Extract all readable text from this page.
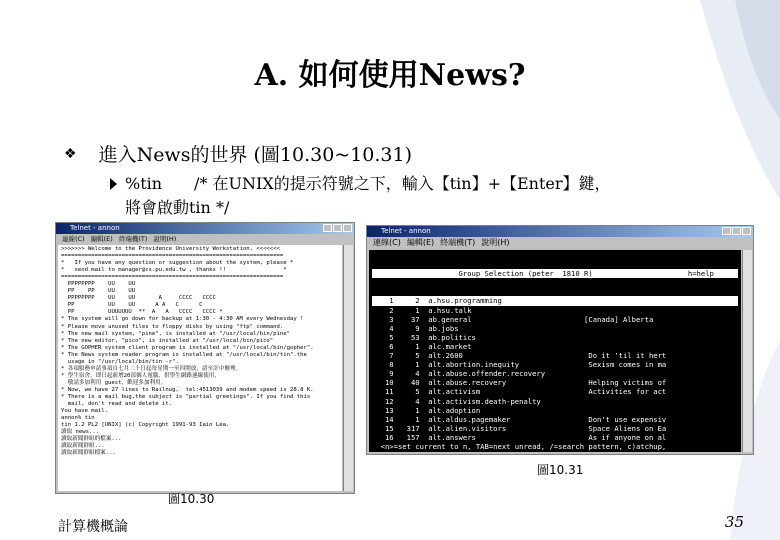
A. 如何使用News?
❖ 進入News的世界 (圖10.30~10.31)
%tin　　/* 在UNIX的提示符號之下，輸入【tin】+【Enter】鍵，
將會啟動tin */
Telnet - annon
連線(C) 編輯(E) 終端機(T) 說明(H)
>>>>>>> Welcome to the Providence University Workstation. <<<<<<<
==================================================================
*   If you have any question or suggestion about the system, please *
*   send mail to manager@cs.pu.edu.tw , thanks !!                 *
==================================================================
PPPPPPPP    UU    UU
PP    PP    UU    UU
PPPPPPPP    UU    UU       A     CCCC   CCCC
PP          UU    UU      A A   C      C
PP          UUUUUUU  **  A   A   CCCC   CCCC *
* The system will go down for backup at 1:30 - 4:30 AM every Wednesday !
* Please move unused files to floppy disks by using "ftp" command.
* The new mail system, "pine", is installed at "/usr/local/bin/pine"
* The new editor, "pico", is installed at "/usr/local/bin/pico"
* The GOPHER system client program is installed at "/usr/local/bin/gopher".
* The News system reader program is installed at "/usr/local/bin/tin".the
usage in "/usr/local/bin/tin -r".
* 各項服務申請事項自七月二十日起每星期一至四開放，請至計中辦理。
* 學生宿舍，即日起新增20部個人電腦，供學生網路連線使用，
敬請多加利用 guest，歡迎多加利用。
* Now, we have 27 lines to Railnug,  tel:4513039 and modem speed is 28.8 K.
* There is a mail bug,the subject is "partial greetings". If you find this
mail, don't read and delete it.
You have mail.
annon% tin
tin 1.2 PL2 [UNIX] (c) Copyright 1991-93 Iain Lea.
讀取 news...
讀取新聞群組的檔案...
讀取新聞群組...
讀取新聞群組檔案...
Telnet - annon
連線(C) 編輯(E) 終端機(T) 說明(H)

Group Selection (peter  1810 R)                      h=help

1     2  a.hsu.programming
2     1  a.hsu.talk
3    37  ab.general                          [Canada] Alberta
4     9  ab.jobs
5    53  ab.politics
6     1  alc.market
7     5  alt.2600                             Do it 'til it hert
8     1  alt.abortion.inequity                Sexism comes in ma
9     4  alt.abuse.offender.recovery
10    40  alt.abuse.recovery                   Helping victims of
11     5  alt.activism                         Activities for act
12     4  alt.activism.death-penalty
13     1  alt.adoption
14     1  alt.aldus.pagemaker                  Don't use expensiv
15   317  alt.alien.visitors                   Space Aliens on Ea
16   157  alt.answers                          As if anyone on al
<n>=set current to n, TAB=next unread, /=search pattern, c)atchup,

圖10.30
圖10.31
計算機概論	35
